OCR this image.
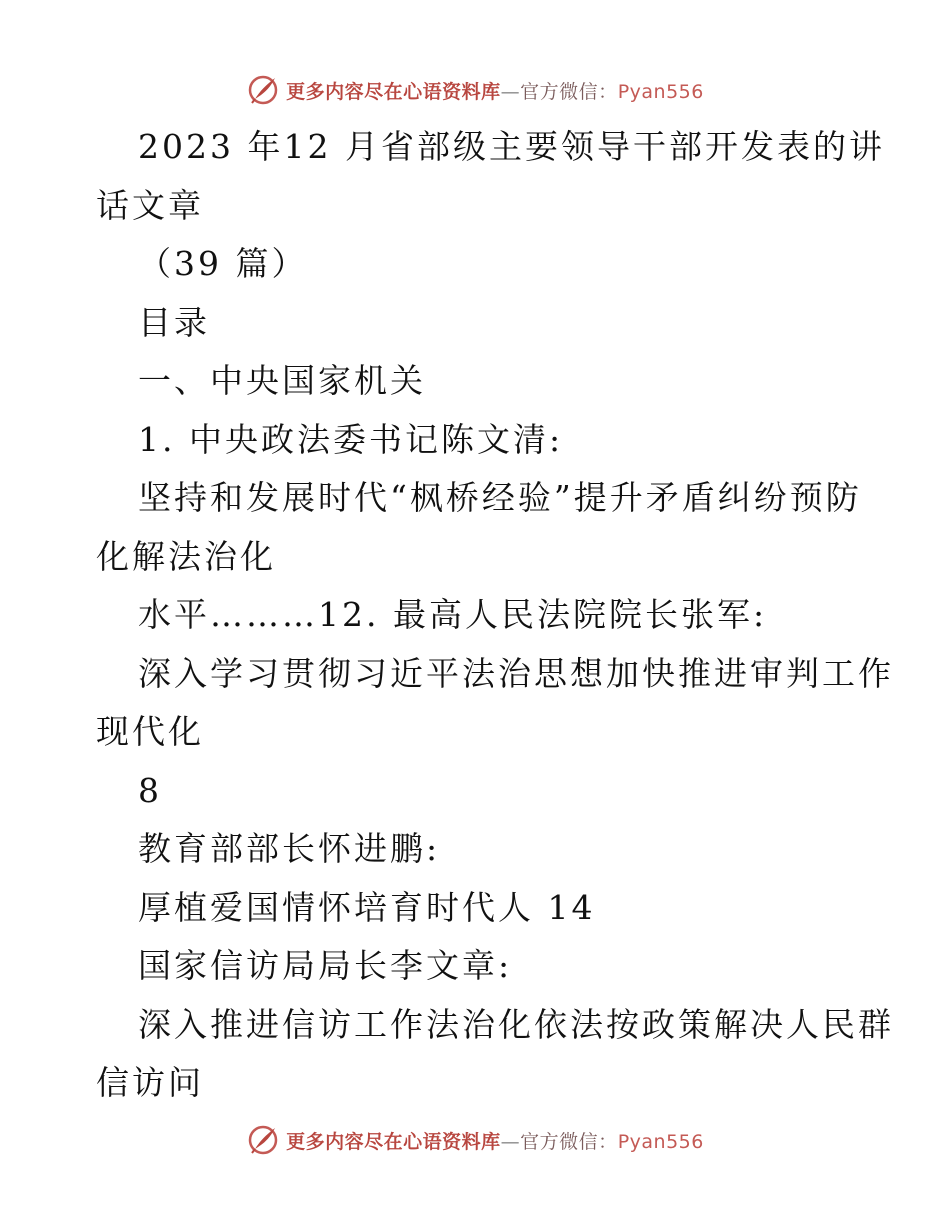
更多内容尽在心语资料库—官方微信：Pyan556
2023 年12 月省部级主要领导干部开发表的讲
话文章
（39 篇）
目录
一、中央国家机关
1. 中央政法委书记陈文清:
坚持和发展时代“枫桥经验”提升矛盾纠纷预防
化解法治化
水平………12. 最高人民法院院长张军:
深入学习贯彻习近平法治思想加快推进审判工作
现代化
8
教育部部长怀进鹏:
厚植爱国情怀培育时代人 14
国家信访局局长李文章:
深入推进信访工作法治化依法按政策解决人民群
信访问
更多内容尽在心语资料库—官方微信：Pyan556
